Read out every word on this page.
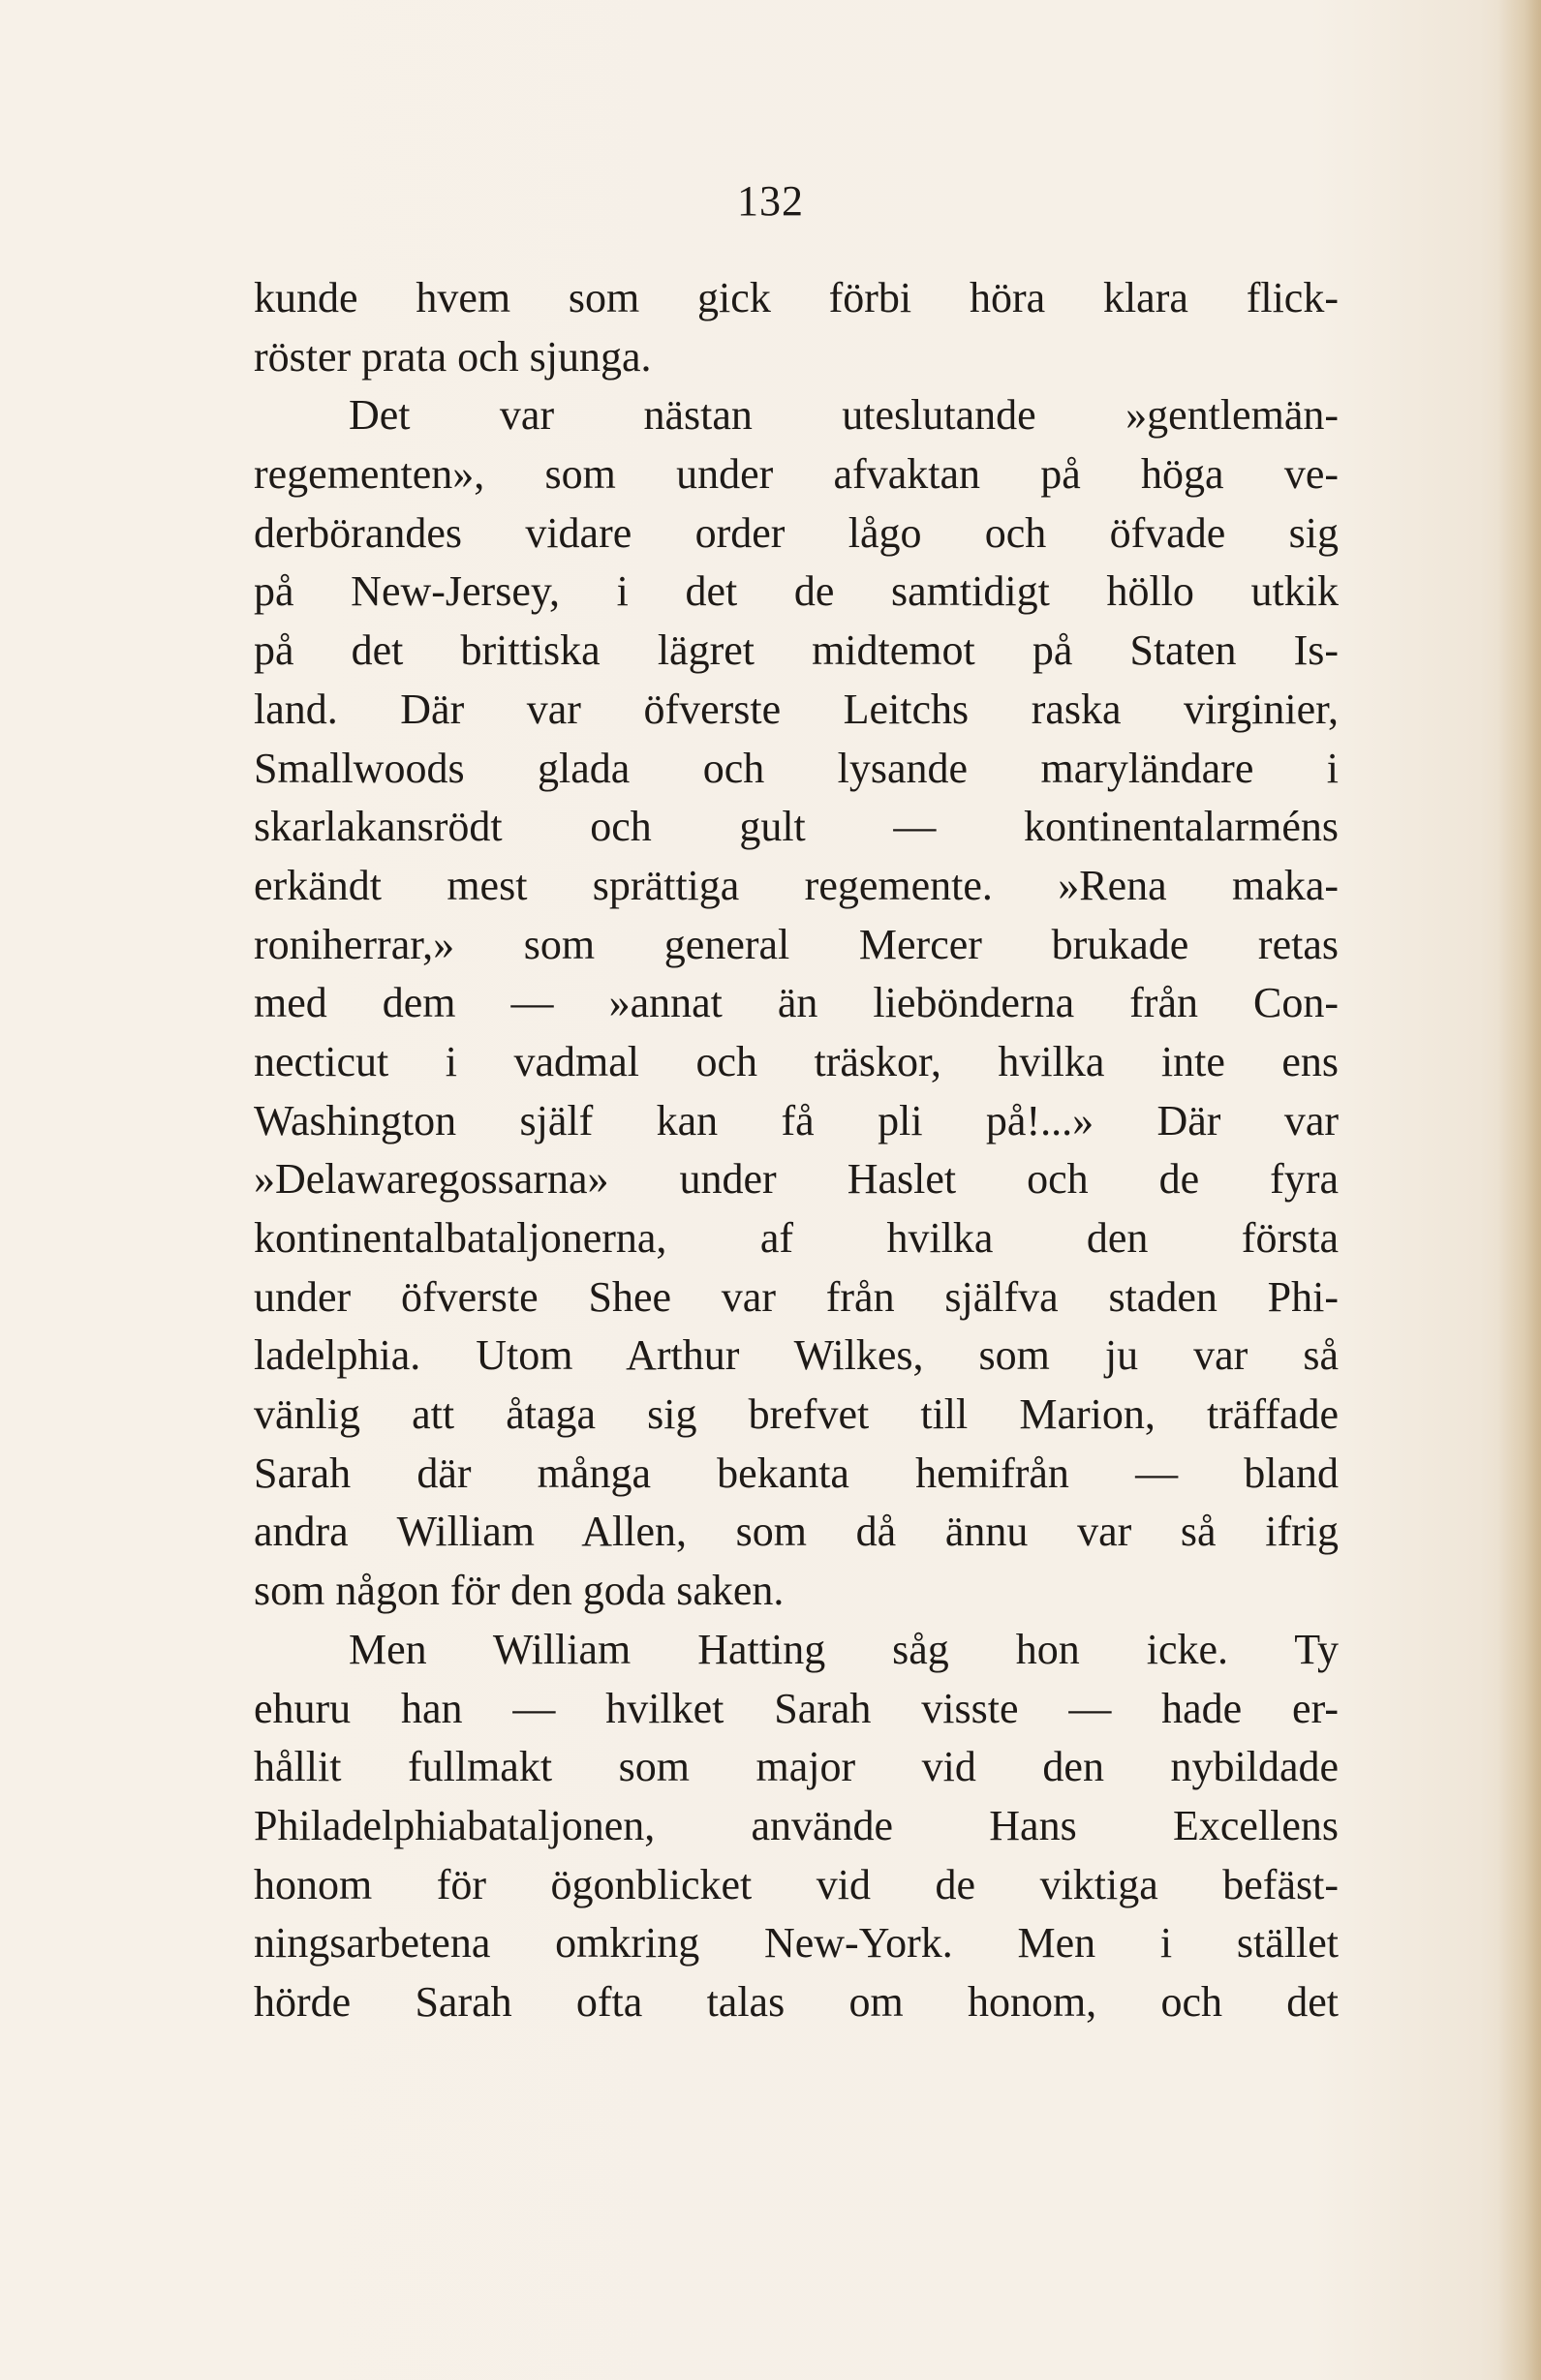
132
kunde hvem som gick förbi höra klara flick-
röster prata och sjunga.
Det var nästan uteslutande »gentlemän-
regementen», som under afvaktan på höga ve-
derbörandes vidare order lågo och öfvade sig
på New-Jersey, i det de samtidigt höllo utkik
på det brittiska lägret midtemot på Staten Is-
land. Där var öfverste Leitchs raska virginier,
Smallwoods glada och lysande maryländare i
skarlakansrödt och gult — kontinentalarméns
erkändt mest sprättiga regemente. »Rena maka-
roniherrar,» som general Mercer brukade retas
med dem — »annat än liebönderna från Con-
necticut i vadmal och träskor, hvilka inte ens
Washington själf kan få pli på!...» Där var
»Delawaregossarna» under Haslet och de fyra
kontinentalbataljonerna, af hvilka den första
under öfverste Shee var från själfva staden Phi-
ladelphia. Utom Arthur Wilkes, som ju var så
vänlig att åtaga sig brefvet till Marion, träffade
Sarah där många bekanta hemifrån — bland
andra William Allen, som då ännu var så ifrig
som någon för den goda saken.
Men William Hatting såg hon icke. Ty
ehuru han — hvilket Sarah visste — hade er-
hållit fullmakt som major vid den nybildade
Philadelphiabataljonen, använde Hans Excellens
honom för ögonblicket vid de viktiga befäst-
ningsarbetena omkring New-York. Men i stället
hörde Sarah ofta talas om honom, och det
